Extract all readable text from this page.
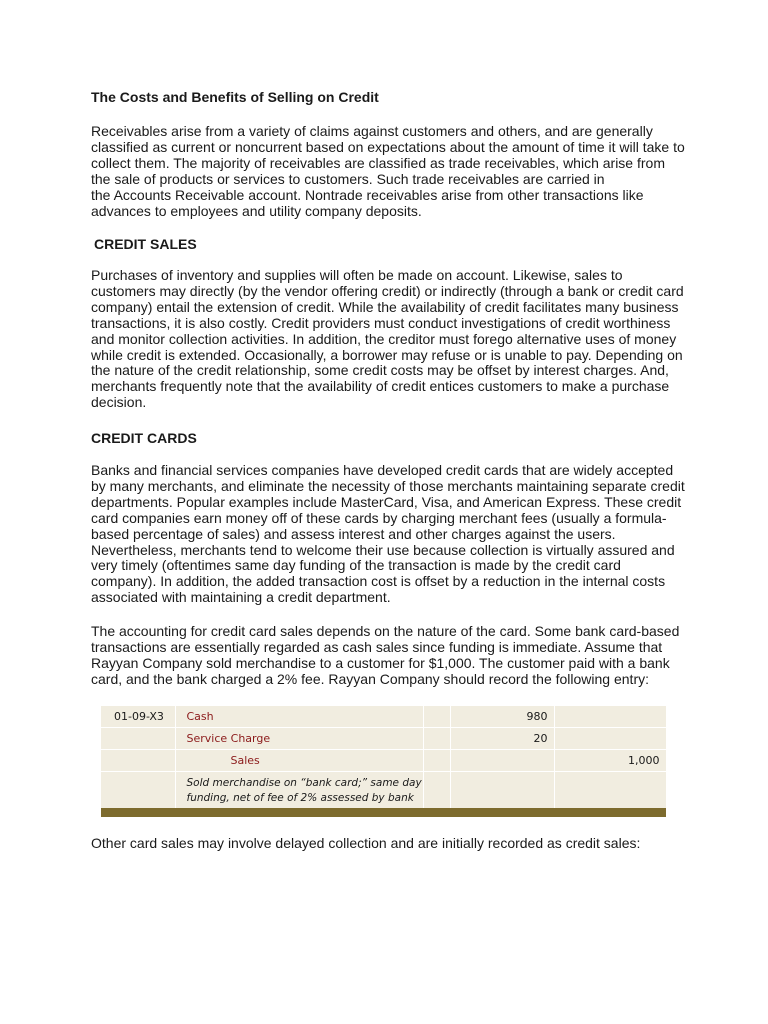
The Costs and Benefits of Selling on Credit
Receivables arise from a variety of claims against customers and others, and are generally
classified as current or noncurrent based on expectations about the amount of time it will take to
collect them. The majority of receivables are classified as trade receivables, which arise from
the sale of products or services to customers. Such trade receivables are carried in
the Accounts Receivable account. Nontrade receivables arise from other transactions like
advances to employees and utility company deposits.
CREDIT SALES
Purchases of inventory and supplies will often be made on account. Likewise, sales to
customers may directly (by the vendor offering credit) or indirectly (through a bank or credit card
company) entail the extension of credit. While the availability of credit facilitates many business
transactions, it is also costly. Credit providers must conduct investigations of credit worthiness
and monitor collection activities. In addition, the creditor must forego alternative uses of money
while credit is extended. Occasionally, a borrower may refuse or is unable to pay. Depending on
the nature of the credit relationship, some credit costs may be offset by interest charges. And,
merchants frequently note that the availability of credit entices customers to make a purchase
decision.
CREDIT CARDS
Banks and financial services companies have developed credit cards that are widely accepted
by many merchants, and eliminate the necessity of those merchants maintaining separate credit
departments. Popular examples include MasterCard, Visa, and American Express. These credit
card companies earn money off of these cards by charging merchant fees (usually a formula-
based percentage of sales) and assess interest and other charges against the users.
Nevertheless, merchants tend to welcome their use because collection is virtually assured and
very timely (oftentimes same day funding of the transaction is made by the credit card
company). In addition, the added transaction cost is offset by a reduction in the internal costs
associated with maintaining a credit department.
The accounting for credit card sales depends on the nature of the card. Some bank card-based
transactions are essentially regarded as cash sales since funding is immediate. Assume that
Rayyan Company sold merchandise to a customer for $1,000. The customer paid with a bank
card, and the bank charged a 2% fee. Rayyan Company should record the following entry:
01-09-X3	Cash		980	
	Service Charge		20	
	Sales			1,000

	Sold merchandise on “bank card;” same day
funding, net of fee of 2% assessed by bank			

Other card sales may involve delayed collection and are initially recorded as credit sales:
